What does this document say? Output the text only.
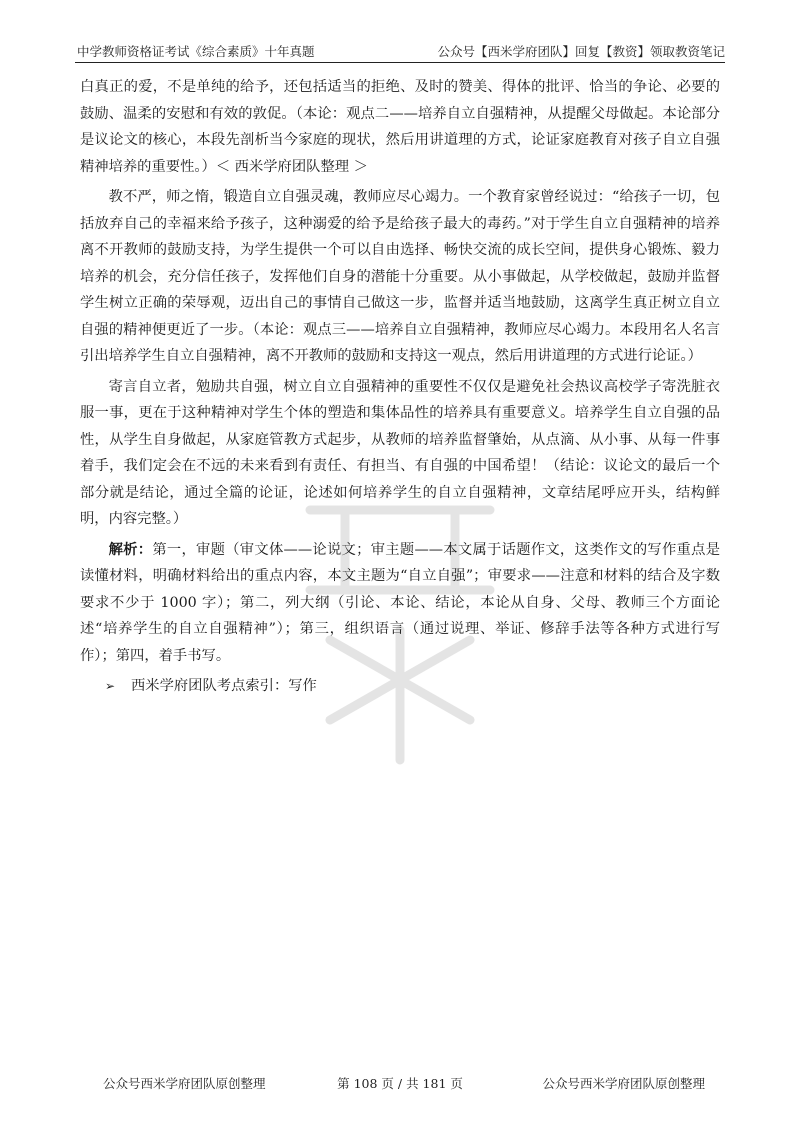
中学教师资格证考试《综合素质》十年真题	公众号【西米学府团队】回复【教资】领取教资笔记

白真正的爱，不是单纯的给予，还包括适当的拒绝、及时的赞美、得体的批评、恰当的争论、必要的鼓励、温柔的安慰和有效的敦促。（本论：观点二——培养自立自强精神，从提醒父母做起。本论部分是议论文的核心，本段先剖析当今家庭的现状，然后用讲道理的方式，论证家庭教育对孩子自立自强精神培养的重要性。）＜ 西米学府团队整理 ＞

教不严，师之惰，锻造自立自强灵魂，教师应尽心竭力。一个教育家曾经说过：“给孩子一切，包括放弃自己的幸福来给予孩子，这种溺爱的给予是给孩子最大的毒药。”对于学生自立自强精神的培养离不开教师的鼓励支持，为学生提供一个可以自由选择、畅快交流的成长空间，提供身心锻炼、毅力培养的机会，充分信任孩子，发挥他们自身的潜能十分重要。从小事做起，从学校做起，鼓励并监督学生树立正确的荣辱观，迈出自己的事情自己做这一步，监督并适当地鼓励，这离学生真正树立自立自强的精神便更近了一步。（本论：观点三——培养自立自强精神，教师应尽心竭力。本段用名人名言引出培养学生自立自强精神，离不开教师的鼓励和支持这一观点，然后用讲道理的方式进行论证。）

寄言自立者，勉励共自强，树立自立自强精神的重要性不仅仅是避免社会热议高校学子寄洗脏衣服一事，更在于这种精神对学生个体的塑造和集体品性的培养具有重要意义。培养学生自立自强的品性，从学生自身做起，从家庭管教方式起步，从教师的培养监督肇始，从点滴、从小事、从每一件事着手，我们定会在不远的未来看到有责任、有担当、有自强的中国希望！（结论：议论文的最后一个部分就是结论，通过全篇的论证，论述如何培养学生的自立自强精神，文章结尾呼应开头，结构鲜明，内容完整。）

解析：第一，审题（审文体——论说文；审主题——本文属于话题作文，这类作文的写作重点是读懂材料，明确材料给出的重点内容，本文主题为“自立自强”；审要求——注意和材料的结合及字数要求不少于 1000 字）；第二，列大纲（引论、本论、结论，本论从自身、父母、教师三个方面论述“培养学生的自立自强精神”）；第三，组织语言（通过说理、举证、修辞手法等各种方式进行写作）；第四，着手书写。

➢ 西米学府团队考点索引：写作

公众号西米学府团队原创整理	第 108 页 / 共 181 页	公众号西米学府团队原创整理
